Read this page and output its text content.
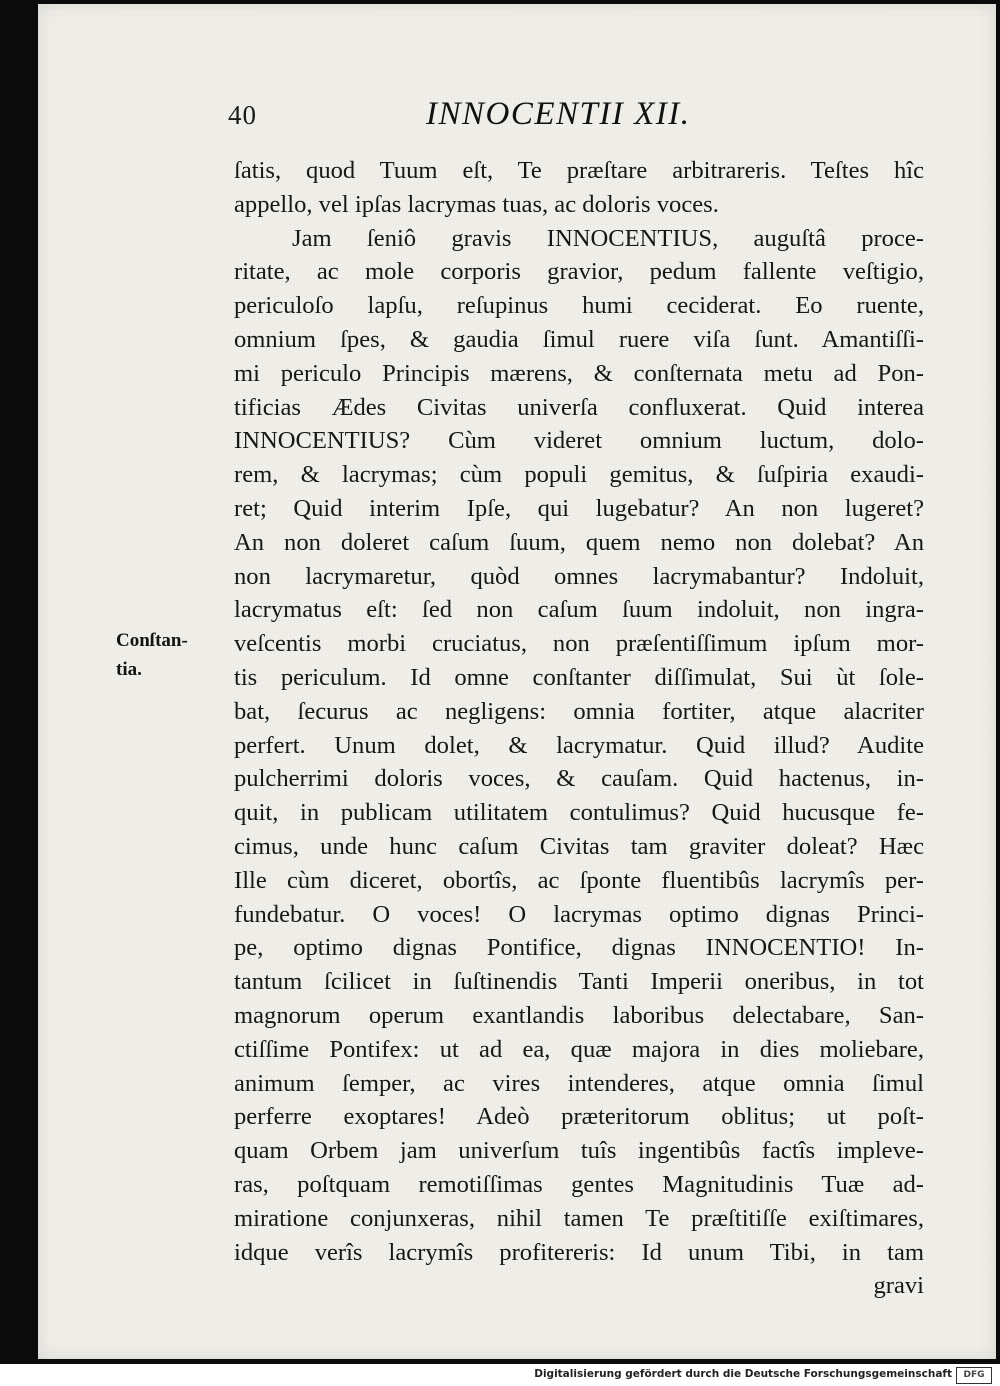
40	INNOCENTII XII.
Conſtan-
tia.
ſatis, quod Tuum eſt, Te præſtare arbitrareris. Teſtes hîc
appello, vel ipſas lacrymas tuas, ac doloris voces.
Jam ſeniô gravis INNOCENTIUS, auguſtâ proce-
ritate, ac mole corporis gravior, pedum fallente veſtigio,
periculoſo lapſu, reſupinus humi ceciderat. Eo ruente,
omnium ſpes, & gaudia ſimul ruere viſa ſunt. Amantiſſi-
mi periculo Principis mærens, & conſternata metu ad Pon-
tificias Ædes Civitas univerſa confluxerat. Quid interea
INNOCENTIUS? Cùm videret omnium luctum, dolo-
rem, & lacrymas; cùm populi gemitus, & ſuſpiria exaudi-
ret; Quid interim Ipſe, qui lugebatur? An non lugeret?
An non doleret caſum ſuum, quem nemo non dolebat? An
non lacrymaretur, quòd omnes lacrymabantur? Indoluit,
lacrymatus eſt: ſed non caſum ſuum indoluit, non ingra-
veſcentis morbi cruciatus, non præſentiſſimum ipſum mor-
tis periculum. Id omne conſtanter diſſimulat, Sui ùt ſole-
bat, ſecurus ac negligens: omnia fortiter, atque alacriter
perfert. Unum dolet, & lacrymatur. Quid illud? Audite
pulcherrimi doloris voces, & cauſam. Quid hactenus, in-
quit, in publicam utilitatem contulimus? Quid hucusque fe-
cimus, unde hunc caſum Civitas tam graviter doleat? Hæc
Ille cùm diceret, obortîs, ac ſponte fluentibûs lacrymîs per-
fundebatur. O voces! O lacrymas optimo dignas Princi-
pe, optimo dignas Pontifice, dignas INNOCENTIO! In-
tantum ſcilicet in ſuſtinendis Tanti Imperii oneribus, in tot
magnorum operum exantlandis laboribus delectabare, San-
ctiſſime Pontifex: ut ad ea, quæ majora in dies moliebare,
animum ſemper, ac vires intenderes, atque omnia ſimul
perferre exoptares! Adeò præteritorum oblitus; ut poſt-
quam Orbem jam univerſum tuîs ingentibûs factîs impleve-
ras, poſtquam remotiſſimas gentes Magnitudinis Tuæ ad-
miratione conjunxeras, nihil tamen Te præſtitiſſe exiſtimares,
idque verîs lacrymîs profitereris: Id unum Tibi, in tam
gravi
Digitalisierung gefördert durch die Deutsche Forschungsgemeinschaft	DFG
